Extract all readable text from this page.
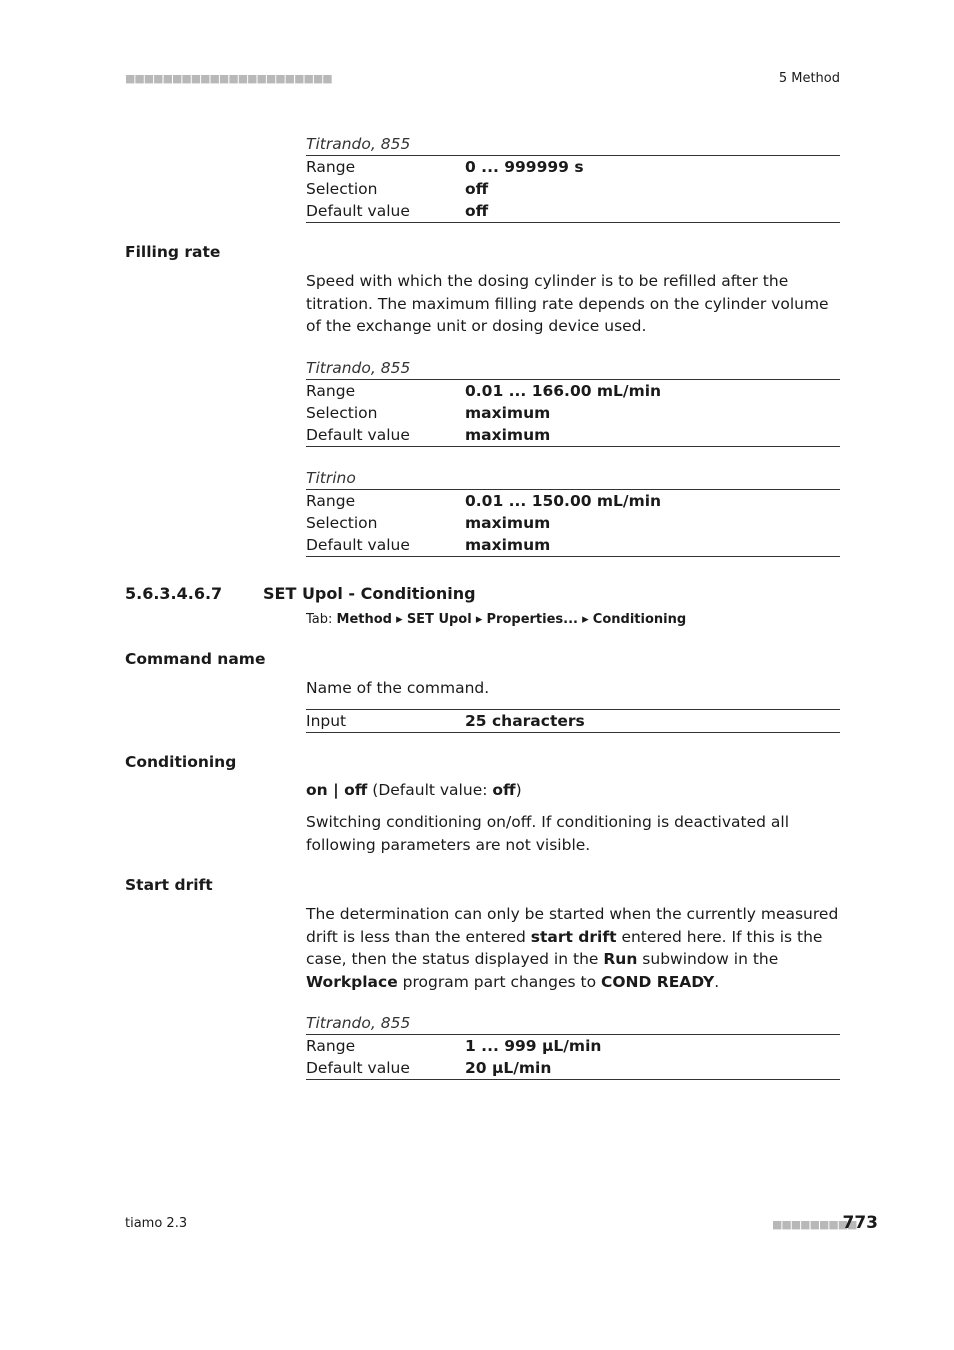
■■■■■■■■■■■■■■■■■■■■■■	5 Method
Titrando, 855
Range	0 ... 999999 s
Selection	off
Default value	off
Filling rate
Speed with which the dosing cylinder is to be refilled after the titration. The maximum filling rate depends on the cylinder volume of the exchange unit or dosing device used.
Titrando, 855
Range	0.01 ... 166.00 mL/min
Selection	maximum
Default value	maximum
Titrino
Range	0.01 ... 150.00 mL/min
Selection	maximum
Default value	maximum
5.6.3.4.6.7	SET Upol - Conditioning
Tab: Method ▸ SET Upol ▸ Properties... ▸ Conditioning
Command name
Name of the command.
Input	25 characters
Conditioning
on | off (Default value: off)
Switching conditioning on/off. If conditioning is deactivated all following parameters are not visible.
Start drift
The determination can only be started when the currently measured drift is less than the entered start drift entered here. If this is the case, then the status displayed in the Run subwindow in the Workplace program part changes to COND READY.
Titrando, 855
Range	1 ... 999 µL/min
Default value	20 µL/min
tiamo 2.3	■■■■■■■■■
773
